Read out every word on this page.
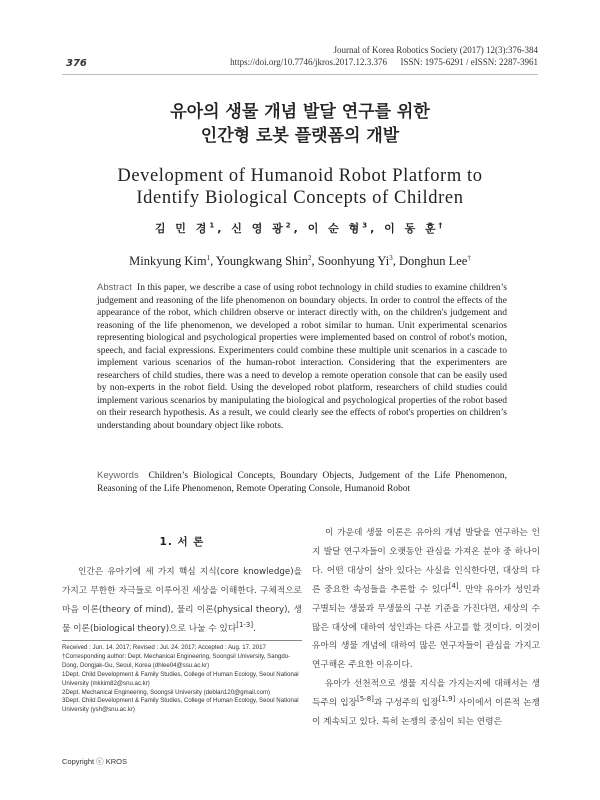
376
Journal of Korea Robotics Society (2017) 12(3):376-384
https://doi.org/10.7746/jkros.2017.12.3.376 ISSN: 1975-6291 / eISSN: 2287-3961
유아의 생물 개념 발달 연구를 위한
인간형 로봇 플랫폼의 개발
Development of Humanoid Robot Platform to
Identify Biological Concepts of Children
김 민 경$^1$, 신 영 광$^2$, 이 순 형$^3$, 이 동 훈†
Minkyung Kim$^1$, Youngkwang Shin$^2$, Soonhyung Yi$^3$, Donghun Lee†
Abstract In this paper, we describe a case of using robot technology in child studies to examine children’s judgement and reasoning of the life phenomenon on boundary objects. In order to control the effects of the appearance of the robot, which children observe or interact directly with, on the children's judgement and reasoning of the life phenomenon, we developed a robot similar to human. Unit experimental scenarios representing biological and psychological properties were implemented based on control of robot's motion, speech, and facial expressions. Experimenters could combine these multiple unit scenarios in a cascade to implement various scenarios of the human-robot interaction. Considering that the experimenters are researchers of child studies, there was a need to develop a remote operation console that can be easily used by non-experts in the robot field. Using the developed robot platform, researchers of child studies could implement various scenarios by manipulating the biological and psychological properties of the robot based on their research hypothesis. As a result, we could clearly see the effects of robot's properties on children’s understanding about boundary object like robots.
Keywords Children’s Biological Concepts, Boundary Objects, Judgement of the Life Phenomenon, Reasoning of the Life Phenomenon, Remote Operating Console, Humanoid Robot
1. 서 론
인간은 유아기에 세 가지 핵심 지식(core knowledge)을 가지고 무한한 자극들로 이루어진 세상을 이해한다. 구체적으로 마음 이론(theory of mind), 물리 이론(physical theory), 생물 이론(biological theory)으로 나눌 수 있다[1-3].

Received : Jun. 14. 2017; Revised : Jul. 24. 2017; Accepted : Aug. 17. 2017

†Corresponding author: Dept. Mechanical Engineering, Soongsil University, Sangdo-Dong, Dongjak-Gu, Seoul, Korea (dhlee04@ssu.ac.kr)

1Dept. Child Development & Family Studies, College of Human Ecology, Seoul National University (mkkim82@snu.ac.kr)

2Dept. Mechanical Engineering, Soongsil University (deblan120@gmail.com)

3Dept. Child Development & Family Studies, College of Human Ecology, Seoul National University (ysh@snu.ac.kr)

Copyright ⓒ KROS

이 가운데 생물 이론은 유아의 개념 발달을 연구하는 인지 발달 연구자들이 오랫동안 관심을 가져온 분야 중 하나이다. 어떤 대상이 살아 있다는 사실을 인식한다면, 대상의 다른 중요한 속성들을 추론할 수 있다[4]. 만약 유아가 성인과 구별되는 생물과 무생물의 구분 기준을 가진다면, 세상의 수많은 대상에 대하여 성인과는 다른 사고를 할 것이다. 이것이 유아의 생물 개념에 대하여 많은 연구자들이 관심을 가지고 연구해온 주요한 이유이다.

유아가 선천적으로 생물 지식을 가지는지에 대해서는 생득주의 입장[5-8]과 구성주의 입장[1,9] 사이에서 이론적 논쟁이 계속되고 있다. 특히 논쟁의 중심이 되는 연령은
